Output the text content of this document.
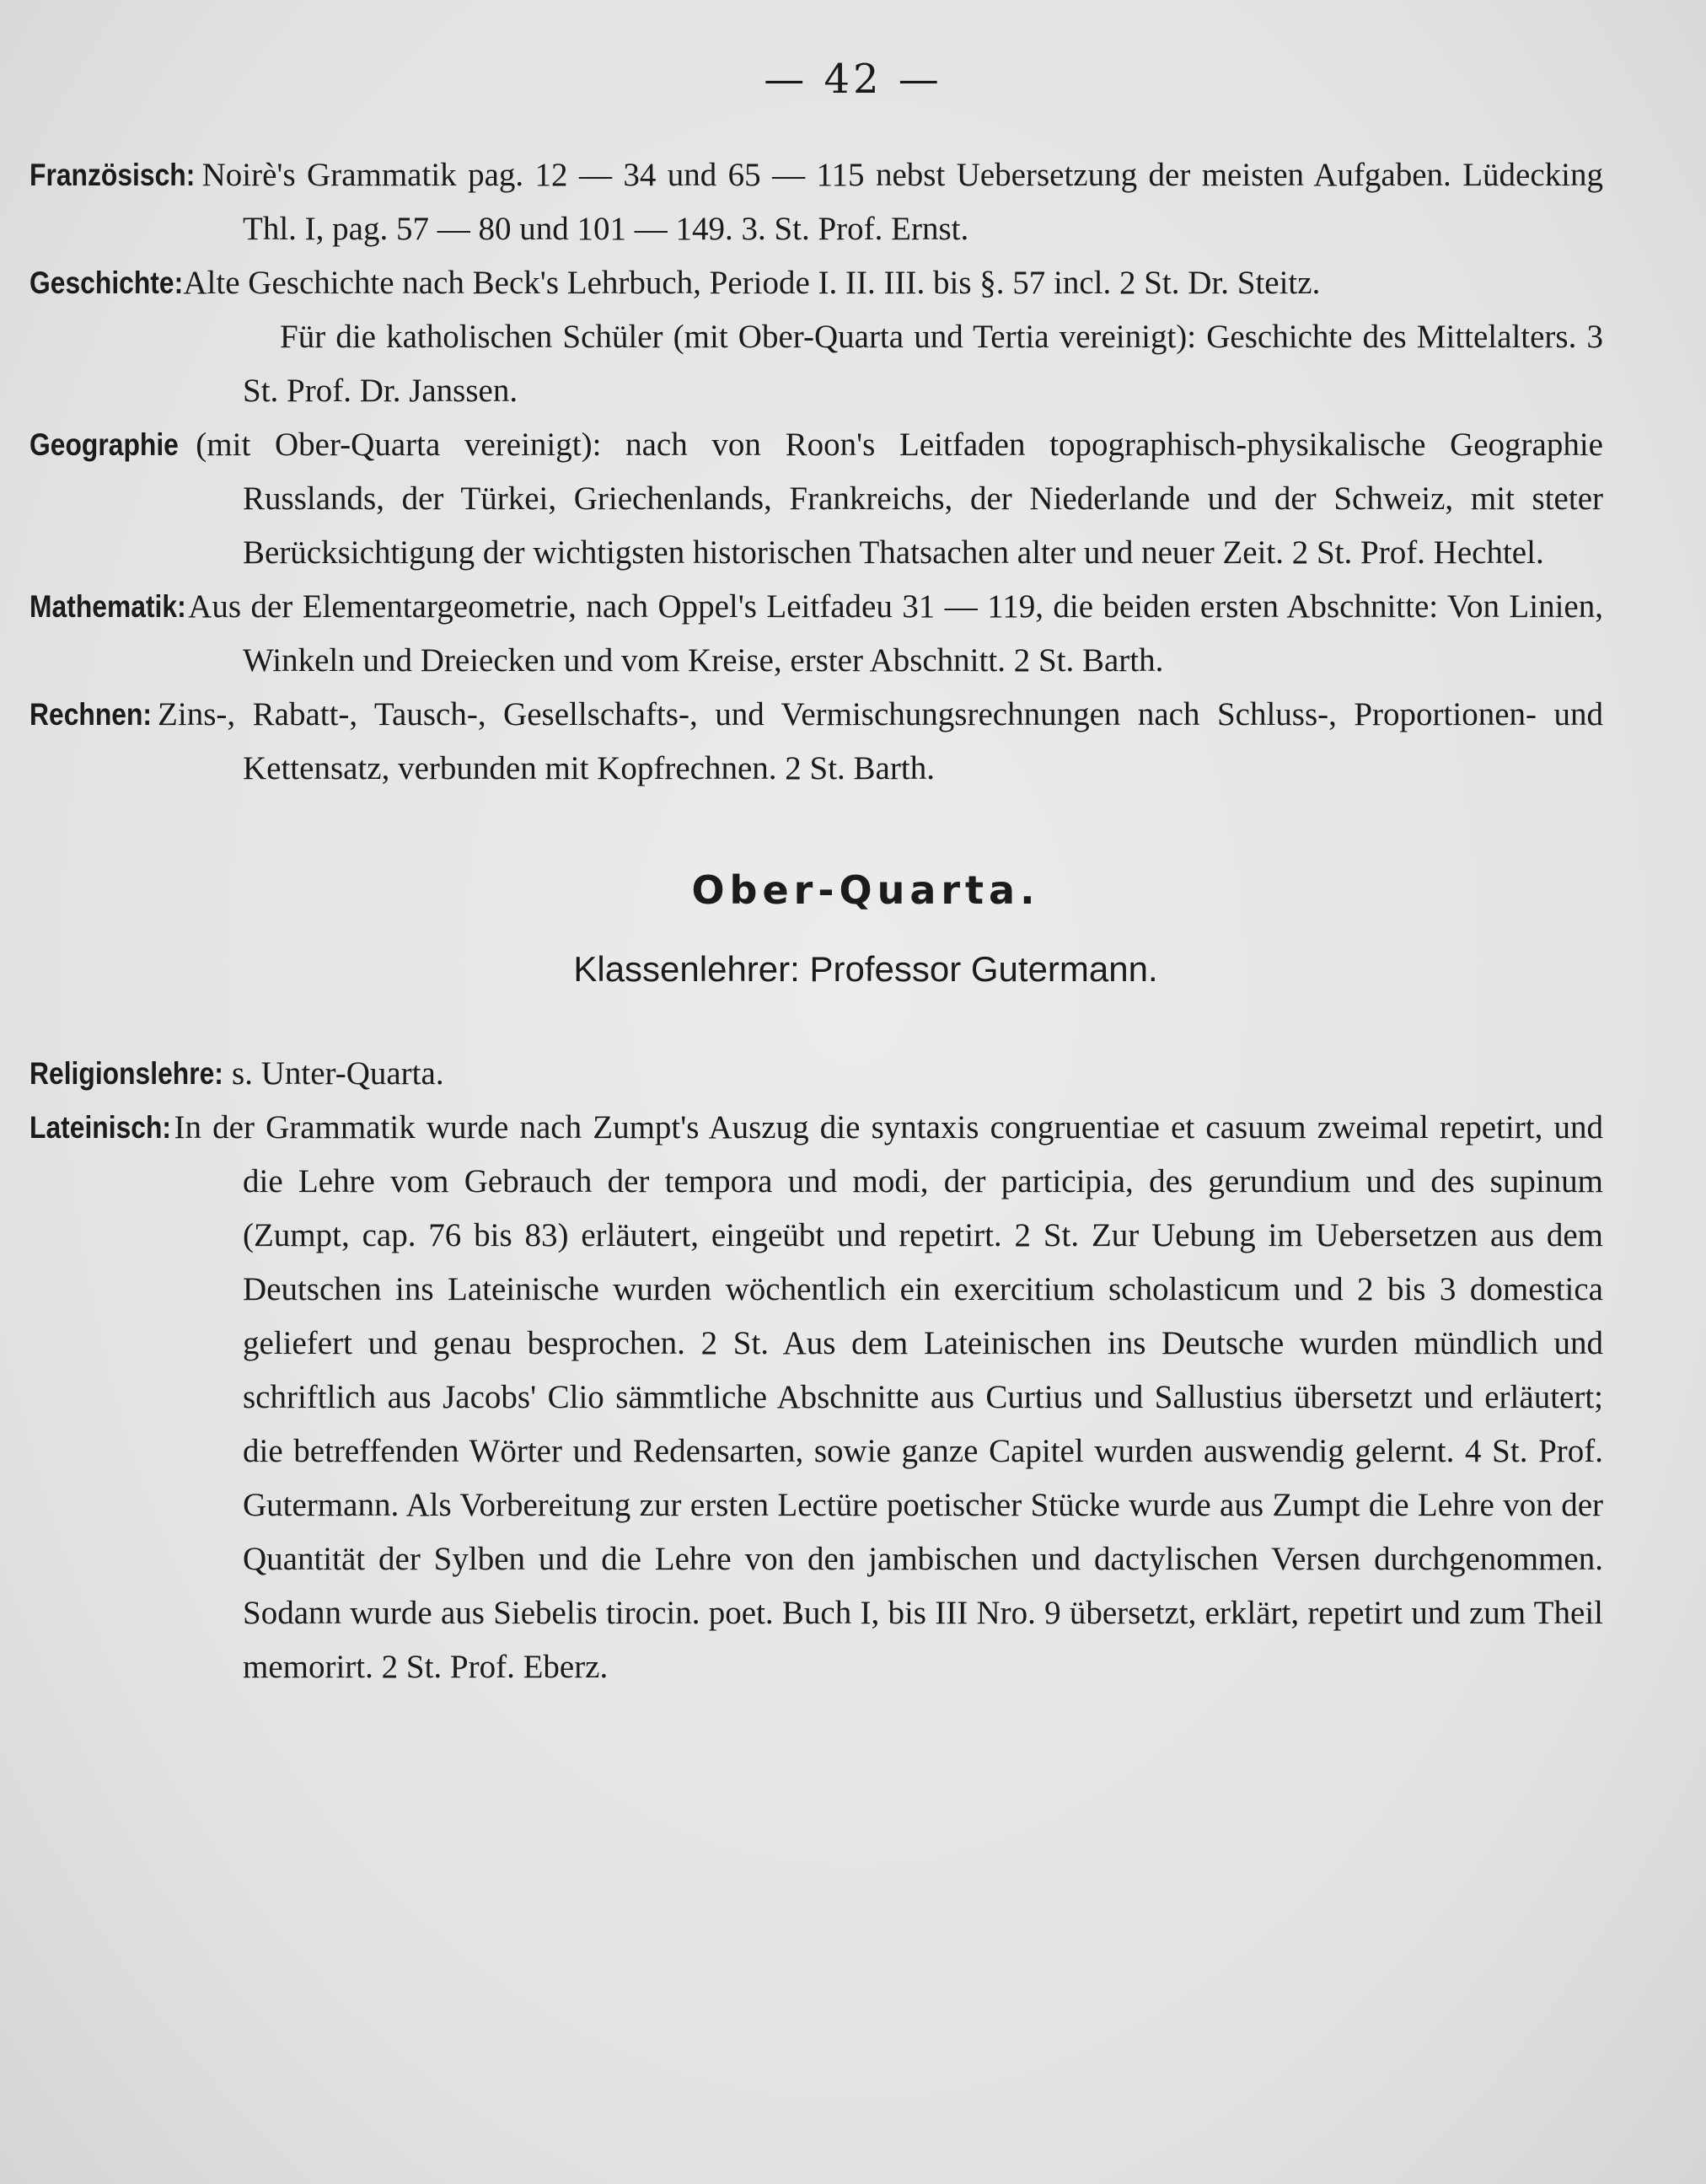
— 42 —

Französisch: Noirè's Grammatik pag. 12 — 34 und 65 — 115 nebst Uebersetzung der meisten Aufgaben. Lüdecking Thl. I, pag. 57 — 80 und 101 — 149. 3. St. Prof. Ernst.

Geschichte: Alte Geschichte nach Beck's Lehrbuch, Periode I. II. III. bis §. 57 incl. 2 St. Dr. Steitz.

Für die katholischen Schüler (mit Ober-Quarta und Tertia vereinigt): Geschichte des Mittelalters. 3 St. Prof. Dr. Janssen.

Geographie (mit Ober-Quarta vereinigt): nach von Roon's Leitfaden topographisch-physikalische Geographie Russlands, der Türkei, Griechenlands, Frankreichs, der Niederlande und der Schweiz, mit steter Berücksichtigung der wichtigsten historischen Thatsachen alter und neuer Zeit. 2 St. Prof. Hechtel.

Mathematik: Aus der Elementargeometrie, nach Oppel's Leitfadeu 31 — 119, die beiden ersten Abschnitte: Von Linien, Winkeln und Dreiecken und vom Kreise, erster Abschnitt. 2 St. Barth.

Rechnen: Zins-, Rabatt-, Tausch-, Gesellschafts-, und Vermischungsrechnungen nach Schluss-, Proportionen- und Kettensatz, verbunden mit Kopfrechnen. 2 St. Barth.

Ober-Quarta.
Klassenlehrer: Professor Gutermann.

Religionslehre: s. Unter-Quarta.

Lateinisch: In der Grammatik wurde nach Zumpt's Auszug die syntaxis congruentiae et casuum zweimal repetirt, und die Lehre vom Gebrauch der tempora und modi, der participia, des gerundium und des supinum (Zumpt, cap. 76 bis 83) erläutert, eingeübt und repetirt. 2 St. Zur Uebung im Uebersetzen aus dem Deutschen ins Lateinische wurden wöchentlich ein exercitium scholasticum und 2 bis 3 domestica geliefert und genau besprochen. 2 St. Aus dem Lateinischen ins Deutsche wurden mündlich und schriftlich aus Jacobs' Clio sämmtliche Abschnitte aus Curtius und Sallustius übersetzt und erläutert; die betreffenden Wörter und Redensarten, sowie ganze Capitel wurden auswendig gelernt. 4 St. Prof. Gutermann. Als Vorbereitung zur ersten Lectüre poetischer Stücke wurde aus Zumpt die Lehre von der Quantität der Sylben und die Lehre von den jambischen und dactylischen Versen durchgenommen. Sodann wurde aus Siebelis tirocin. poet. Buch I, bis III Nro. 9 übersetzt, erklärt, repetirt und zum Theil memorirt. 2 St. Prof. Eberz.
